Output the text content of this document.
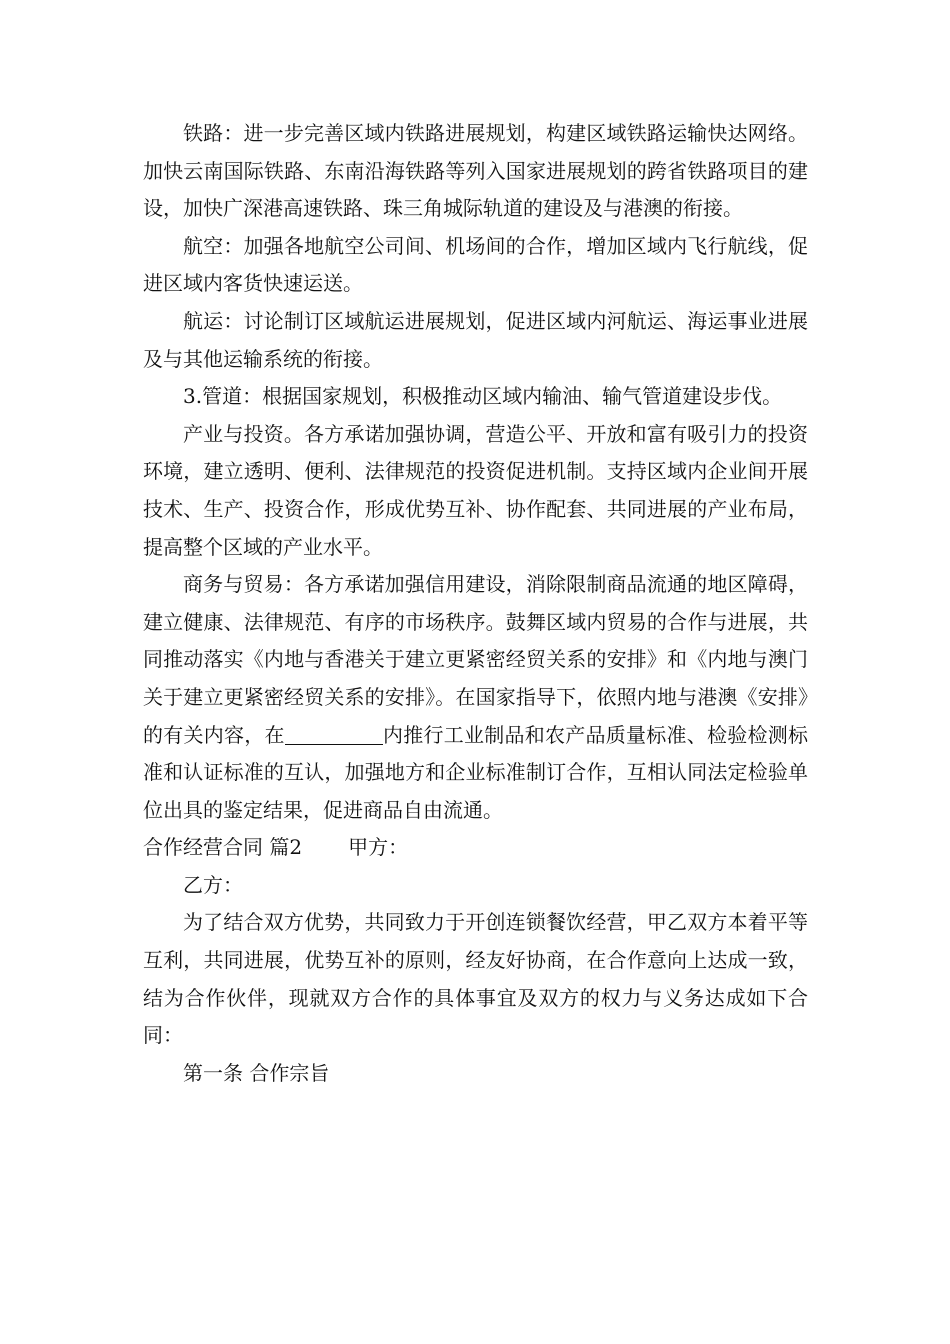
铁路：进一步完善区域内铁路进展规划，构建区域铁路运输快达网络。加快云南国际铁路、东南沿海铁路等列入国家进展规划的跨省铁路项目的建设，加快广深港高速铁路、珠三角城际轨道的建设及与港澳的衔接。

航空：加强各地航空公司间、机场间的合作，增加区域内飞行航线，促进区域内客货快速运送。

航运：讨论制订区域航运进展规划，促进区域内河航运、海运事业进展及与其他运输系统的衔接。

3.管道：根据国家规划，积极推动区域内输油、输气管道建设步伐。

产业与投资。各方承诺加强协调，营造公平、开放和富有吸引力的投资环境，建立透明、便利、法律规范的投资促进机制。支持区域内企业间开展技术、生产、投资合作，形成优势互补、协作配套、共同进展的产业布局，提高整个区域的产业水平。

商务与贸易：各方承诺加强信用建设，消除限制商品流通的地区障碍，建立健康、法律规范、有序的市场秩序。鼓舞区域内贸易的合作与进展，共同推动落实《内地与香港关于建立更紧密经贸关系的安排》和《内地与澳门关于建立更紧密经贸关系的安排》。在国家指导下，依照内地与港澳《安排》的有关内容，在	内推行工业制品和农产品质量标准、检验检测标准和认证标准的互认，加强地方和企业标准制订合作，互相认同法定检验单位出具的鉴定结果，促进商品自由流通。

合作经营合同 篇2 甲方：

乙方：

为了结合双方优势，共同致力于开创连锁餐饮经营，甲乙双方本着平等互利，共同进展，优势互补的原则，经友好协商，在合作意向上达成一致，结为合作伙伴，现就双方合作的具体事宜及双方的权力与义务达成如下合同：

第一条 合作宗旨
